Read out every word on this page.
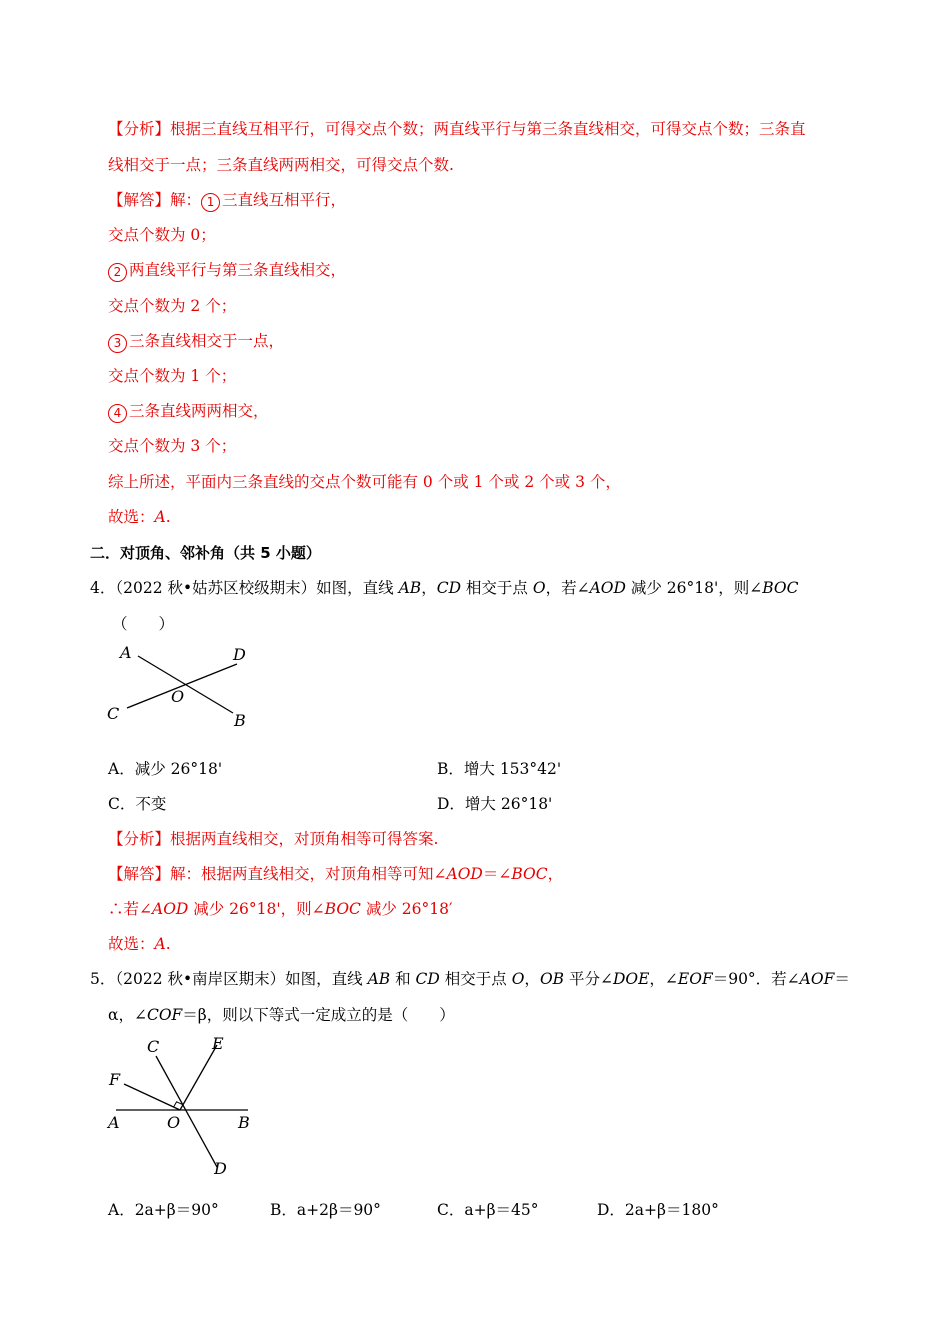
【分析】根据三直线互相平行，可得交点个数；两直线平行与第三条直线相交，可得交点个数；三条直
线相交于一点；三条直线两两相交，可得交点个数.
【解答】解： 1 三直线互相平行，
交点个数为 0；
2 两直线平行与第三条直线相交，
交点个数为 2 个；
3 三条直线相交于一点，
交点个数为 1 个；
4 三条直线两两相交，
交点个数为 3 个；
综上所述，平面内三条直线的交点个数可能有 0 个或 1 个或 2 个或 3 个，
故选：A.
二．对顶角、邻补角（共 5 小题）
4．（2022 秋•姑苏区校级期末）如图，直线 AB，CD 相交于点 O，若∠AOD 减少 26°18'，则∠BOC
（　　）
A	D
O
C	B
A．减少 26°18'	B．增大 153°42'
C．不变	D．增大 26°18'
【分析】根据两直线相交，对顶角相等可得答案.
【解答】解：根据两直线相交，对顶角相等可知∠AOD＝∠BOC，
∴若∠AOD 减少 26°18'，则∠BOC 减少 26°18′
故选：A.
5．（2022 秋•南岸区期末）如图，直线 AB 和 CD 相交于点 O，OB 平分∠DOE，∠EOF＝90°．若∠AOF＝
α，∠COF＝β，则以下等式一定成立的是（　　）
C	E
F
A	O	B
D
A．2a+β＝90°	B．a+2β＝90°	C．a+β＝45°	D．2a+β＝180°
